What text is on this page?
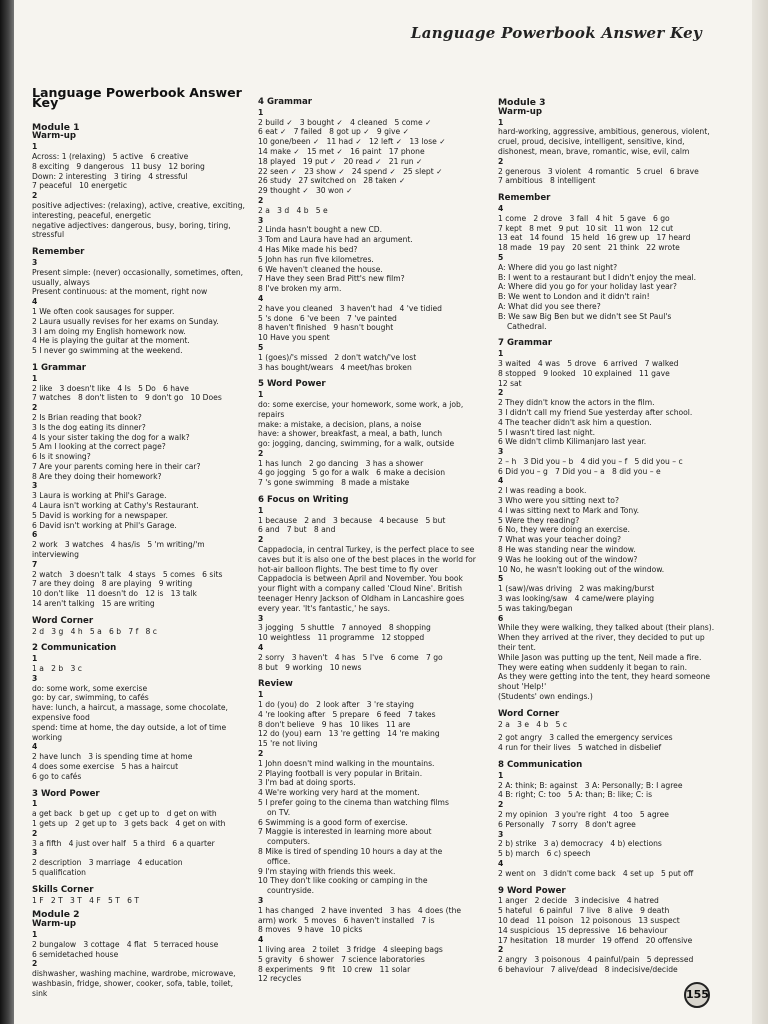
Language Powerbook Answer Key
Language Powerbook Answer Key
Module 1
Warm-up
1
Across: 1 (relaxing)   5 active   6 creative
8 exciting   9 dangerous   11 busy   12 boring
Down: 2 interesting   3 tiring   4 stressful
7 peaceful   10 energetic
2
positive adjectives: (relaxing), active, creative, exciting, interesting, peaceful, energetic
negative adjectives: dangerous, busy, boring, tiring, stressful
Remember
3
Present simple: (never) occasionally, sometimes, often, usually, always
Present continuous: at the moment, right now
4
1 We often cook sausages for supper.
2 Laura usually revises for her exams on Sunday.
3 I am doing my English homework now.
4 He is playing the guitar at the moment.
5 I never go swimming at the weekend.
1 Grammar
1
2 like   3 doesn't like   4 Is   5 Do   6 have
7 watches   8 don't listen to   9 don't go   10 Does
2
2 Is Brian reading that book?
3 Is the dog eating its dinner?
4 Is your sister taking the dog for a walk?
5 Am I looking at the correct page?
6 Is it snowing?
7 Are your parents coming here in their car?
8 Are they doing their homework?
3
3 Laura is working at Phil's Garage.
4 Laura isn't working at Cathy's Restaurant.
5 David is working for a newspaper.
6 David isn't working at Phil's Garage.
6
2 work   3 watches   4 has/is   5 'm writing/'m interviewing
7
2 watch   3 doesn't talk   4 stays   5 comes   6 sits
7 are they doing   8 are playing   9 writing
10 don't like   11 doesn't do   12 is   13 talk
14 aren't talking   15 are writing
Word Corner
2 d   3 g   4 h   5 a   6 b   7 f   8 c
2 Communication
1
1 a   2 b   3 c
3
do: some work, some exercise
go: by car, swimming, to cafés
have: lunch, a haircut, a massage, some chocolate, expensive food
spend: time at home, the day outside, a lot of time working
4
2 have lunch   3 is spending time at home
4 does some exercise   5 has a haircut
6 go to cafés
3 Word Power
1
a get back   b get up   c get up to   d get on with
1 gets up   2 get up to   3 gets back   4 get on with
2
3 a fifth   4 just over half   5 a third   6 a quarter
3
2 description   3 marriage   4 education
5 qualification
Skills Corner
1 F   2 T   3 T   4 F   5 T   6 T
Module 2
Warm-up
1
2 bungalow   3 cottage   4 flat   5 terraced house
6 semidetached house
2
dishwasher, washing machine, wardrobe, microwave, washbasin, fridge, shower, cooker, sofa, table, toilet, sink
4 Grammar
1
2 build ✓   3 bought ✓   4 cleaned   5 come ✓
6 eat ✓   7 failed   8 got up ✓   9 give ✓
10 gone/been ✓   11 had ✓   12 left ✓   13 lose ✓
14 make ✓   15 met ✓   16 paint   17 phone
18 played   19 put ✓   20 read ✓   21 run ✓
22 seen ✓   23 show ✓   24 spend ✓   25 slept ✓
26 study   27 switched on   28 taken ✓
29 thought ✓   30 won ✓
2
2 a   3 d   4 b   5 e
3
2 Linda hasn't bought a new CD.
3 Tom and Laura have had an argument.
4 Has Mike made his bed?
5 John has run five kilometres.
6 We haven't cleaned the house.
7 Have they seen Brad Pitt's new film?
8 I've broken my arm.
4
2 have you cleaned   3 haven't had   4 've tidied
5 's done   6 've been   7 've painted
8 haven't finished   9 hasn't bought
10 Have you spent
5
1 (goes)/'s missed   2 don't watch/'ve lost
3 has bought/wears   4 meet/has broken
5 Word Power
1
do: some exercise, your homework, some work, a job, repairs
make: a mistake, a decision, plans, a noise
have: a shower, breakfast, a meal, a bath, lunch
go: jogging, dancing, swimming, for a walk, outside
2
1 has lunch   2 go dancing   3 has a shower
4 go jogging   5 go for a walk   6 make a decision
7 's gone swimming   8 made a mistake
6 Focus on Writing
1
1 because   2 and   3 because   4 because   5 but
6 and   7 but   8 and
2
Cappadocia, in central Turkey, is the perfect place to see caves but it is also one of the best places in the world for hot-air balloon flights. The best time to fly over Cappadocia is between April and November. You book your flight with a company called 'Cloud Nine'. British teenager Henry Jackson of Oldham in Lancashire goes every year. 'It's fantastic,' he says.
3
3 jogging   5 shuttle   7 annoyed   8 shopping
10 weightless   11 programme   12 stopped
4
2 sorry   3 haven't   4 has   5 I've   6 come   7 go
8 but   9 working   10 news
Review
1
1 do (you) do   2 look after   3 're staying
4 're looking after   5 prepare   6 feed   7 takes
8 don't believe   9 has   10 likes   11 are
12 do (you) earn   13 're getting   14 're making
15 're not living
2
1 John doesn't mind walking in the mountains.
2 Playing football is very popular in Britain.
3 I'm bad at doing sports.
4 We're working very hard at the moment.
5 I prefer going to the cinema than watching films
on TV.
6 Swimming is a good form of exercise.
7 Maggie is interested in learning more about
computers.
8 Mike is tired of spending 10 hours a day at the
office.
9 I'm staying with friends this week.
10 They don't like cooking or camping in the
countryside.
3
1 has changed   2 have invented   3 has   4 does (the arm) work   5 moves   6 haven't installed   7 is
8 moves   9 have   10 picks
4
1 living area   2 toilet   3 fridge   4 sleeping bags
5 gravity   6 shower   7 science laboratories
8 experiments   9 fit   10 crew   11 solar
12 recycles
Module 3
Warm-up
1
hard-working, aggressive, ambitious, generous, violent, cruel, proud, decisive, intelligent, sensitive, kind, dishonest, mean, brave, romantic, wise, evil, calm
2
2 generous   3 violent   4 romantic   5 cruel   6 brave
7 ambitious   8 intelligent
Remember
4
1 come   2 drove   3 fall   4 hit   5 gave   6 go
7 kept   8 met   9 put   10 sit   11 won   12 cut
13 eat   14 found   15 held   16 grew up   17 heard
18 made   19 pay   20 sent   21 think   22 wrote
5
A: Where did you go last night?
B: I went to a restaurant but I didn't enjoy the meal.
A: Where did you go for your holiday last year?
B: We went to London and it didn't rain!
A: What did you see there?
B: We saw Big Ben but we didn't see St Paul's
Cathedral.
7 Grammar
1
3 waited   4 was   5 drove   6 arrived   7 walked
8 stopped   9 looked   10 explained   11 gave
12 sat
2
2 They didn't know the actors in the film.
3 I didn't call my friend Sue yesterday after school.
4 The teacher didn't ask him a question.
5 I wasn't tired last night.
6 We didn't climb Kilimanjaro last year.
3
2 – h   3 Did you – b   4 did you – f   5 did you – c
6 Did you – g   7 Did you – a   8 did you – e
4
2 I was reading a book.
3 Who were you sitting next to?
4 I was sitting next to Mark and Tony.
5 Were they reading?
6 No, they were doing an exercise.
7 What was your teacher doing?
8 He was standing near the window.
9 Was he looking out of the window?
10 No, he wasn't looking out of the window.
5
1 (saw)/was driving   2 was making/burst
3 was looking/saw   4 came/were playing
5 was taking/began
6
While they were walking, they talked about (their plans).
When they arrived at the river, they decided to put up their tent.
While Jason was putting up the tent, Neil made a fire.
They were eating when suddenly it began to rain.
As they were getting into the tent, they heard someone shout 'Help!'
(Students' own endings.)
Word Corner
2 a   3 e   4 b   5 c
2 got angry   3 called the emergency services
4 run for their lives   5 watched in disbelief
8 Communication
1
2 A: think; B: against   3 A: Personally; B: I agree
4 B: right; C: too   5 A: than; B: like; C: is
2
2 my opinion   3 you're right   4 too   5 agree
6 Personally   7 sorry   8 don't agree
3
2 b) strike   3 a) democracy   4 b) elections
5 b) march   6 c) speech
4
2 went on   3 didn't come back   4 set up   5 put off
9 Word Power
1 anger   2 decide   3 indecisive   4 hatred
5 hateful   6 painful   7 live   8 alive   9 death
10 dead   11 poison   12 poisonous   13 suspect
14 suspicious   15 depressive   16 behaviour
17 hesitation   18 murder   19 offend   20 offensive
2
2 angry   3 poisonous   4 painful/pain   5 depressed
6 behaviour   7 alive/dead   8 indecisive/decide
155
